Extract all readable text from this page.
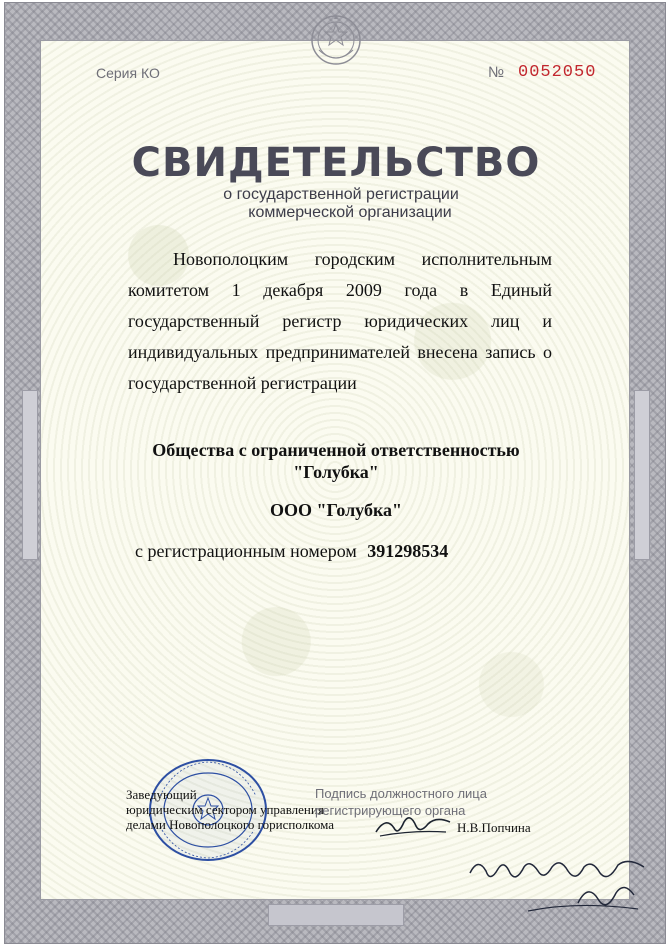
Серия КО	№ 0052050
СВИДЕТЕЛЬСТВО
о государственной регистрации
коммерческой организации

Новополоцким городским исполнительным комитетом 1 декабря 2009 года в Единый государственный регистр юридических лиц и индивидуальных предпринимателей внесена запись о государственной регистрации

Общества с ограниченной ответственностью
"Голубка"
ООО "Голубка"
с регистрационным номером 391298534
Заведующий
юридическим сектором управления
делами Новополоцкого горисполкома
Подпись должностного лица
регистрирующего органа
Н.В.Попчина
